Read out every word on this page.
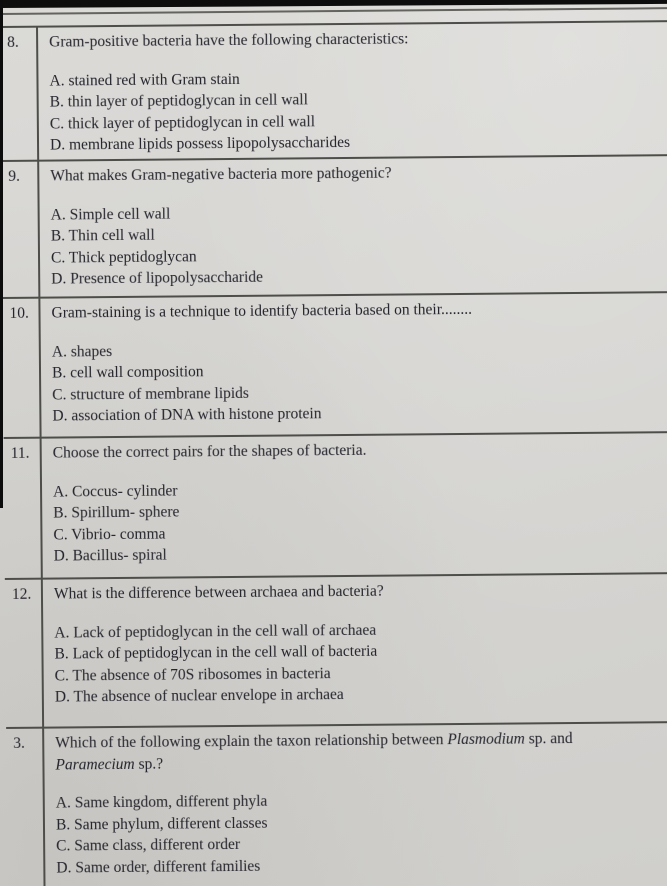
8.	Gram-positive bacteria have the following characteristics:
A. stained red with Gram stain
B. thin layer of peptidoglycan in cell wall
C. thick layer of peptidoglycan in cell wall
D. membrane lipids possess lipopolysaccharides
9.	What makes Gram-negative bacteria more pathogenic?
A. Simple cell wall
B. Thin cell wall
C. Thick peptidoglycan
D. Presence of lipopolysaccharide
10.	Gram-staining is a technique to identify bacteria based on their........
A. shapes
B. cell wall composition
C. structure of membrane lipids
D. association of DNA with histone protein
11.	Choose the correct pairs for the shapes of bacteria.
A. Coccus- cylinder
B. Spirillum- sphere
C. Vibrio- comma
D. Bacillus- spiral
12.	What is the difference between archaea and bacteria?
A. Lack of peptidoglycan in the cell wall of archaea
B. Lack of peptidoglycan in the cell wall of bacteria
C. The absence of 70S ribosomes in bacteria
D. The absence of nuclear envelope in archaea
3.	Which of the following explain the taxon relationship between Plasmodium sp. and
Paramecium sp.?
A. Same kingdom, different phyla
B. Same phylum, different classes
C. Same class, different order
D. Same order, different families
